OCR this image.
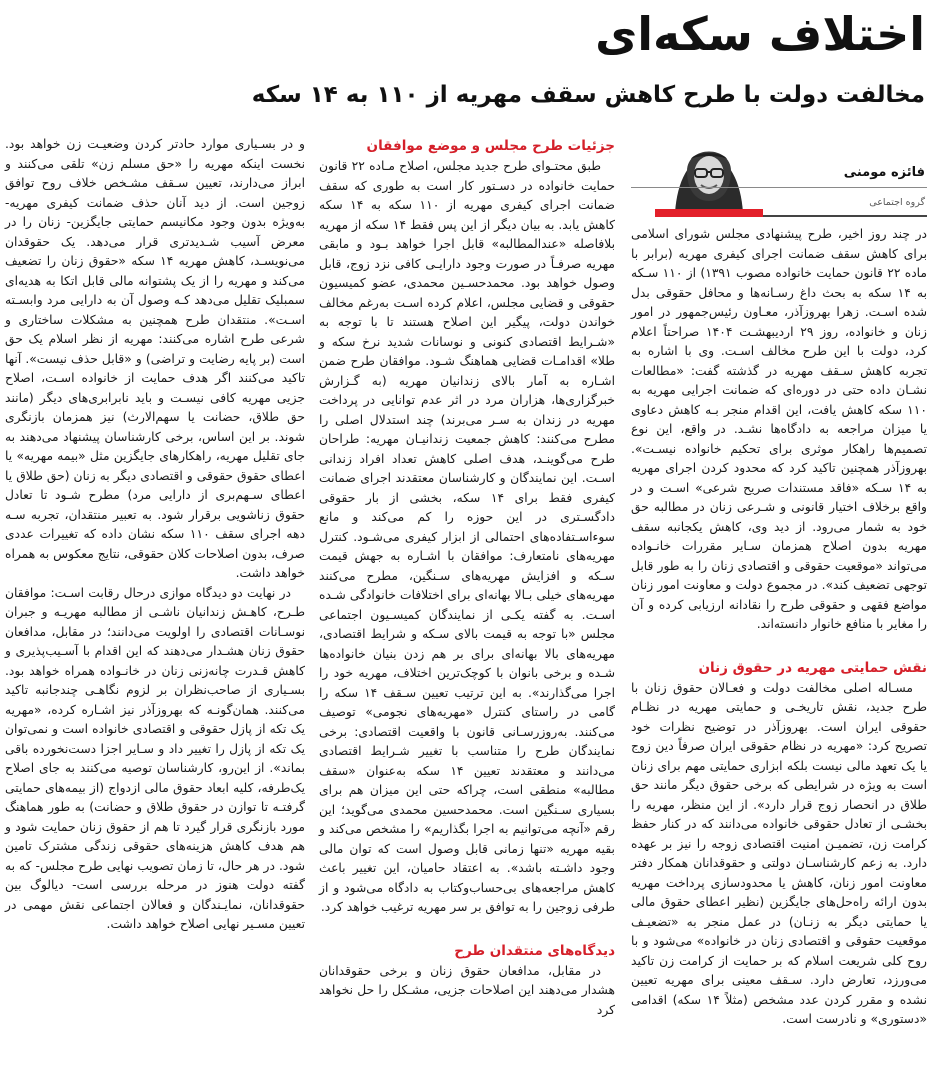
اختلاف سکه‌ای
مخالفت دولت با طرح کاهش سقف مهریه از ۱۱۰ به ۱۴ سکه
فائزه مومنی
گروه اجتماعی

در چند روز اخیر، طرح پیشنهادی مجلس شورای اسلامی برای کاهش سقف ضمانت اجرای کیفری مهریه (برابر با ماده ۲۲ قانون حمایت خانواده مصوب ۱۳۹۱) از ۱۱۰ سـکه به ۱۴ سکه به بحث داغ رسـانه‌ها و محافل حقوقی بدل شده اسـت. زهرا بهروزآذر، معـاون رئیس‌جمهور در امور زنان و خانواده، روز ۲۹ اردیبهشـت ۱۴۰۴ صراحتاً اعلام کرد، دولت با این طرح مخالف اسـت. وی با اشاره به تجربه کاهش سـقف مهریه در گذشته گفت: «مطالعات نشـان داده حتی در دوره‌ای که ضمانت اجرایی مهریه به ۱۱۰ سکه کاهش یافت، این اقدام منجر بـه کاهش دعاوی یا میزان مراجعه به دادگاه‌ها نشـد. در واقع، این نوع تصمیم‌ها راهکار موثری برای تحکیم خانواده نیسـت». بهروزآذر همچنین تاکید کرد که محدود کردن اجرای مهریه به ۱۴ سـکه «فاقد مستندات صریح شرعی» اسـت و در واقع برخلاف اختیار قانونی و شـرعی زنان در مطالبه حق خود به شمار می‌رود. از دید وی، کاهش یکجانبه سقف مهریه بدون اصلاح همزمان سـایر مقررات خانـواده می‌تواند «موقعیت حقوقی و اقتصادی زنان را به طور قابل توجهی تضعیف کند». در مجموع دولت و معاونت امور زنان مواضع فقهی و حقوقی طرح را نقادانه ارزیابی کرده و آن را مغایر با منافع خانوار دانسته‌اند.

نقش حمایتی مهریه در حقوق زنان

مسـاله اصلی مخالفت دولت و فعـالان حقوق زنان با طرح جدید، نقش تاریخـی و حمایتی مهریه در نظـام حقوقی ایران است. بهروزآذر در توضیح نظرات خود تصریح کرد: «مهریه در نظام حقوقی ایران صرفاً دین زوج یا یک تعهد مالی نیست بلکه ابزاری حمایتی مهم برای زنان است به ویژه در شرایطی که برخی حقوق دیگر مانند حق طلاق در انحصار زوج قرار دارد». از این منظر، مهریه را بخشـی از تعادل حقوقی خانواده می‌دانند که در کنار حفظ کرامت زن، تضمیـن امنیت اقتصادی زوجه را نیز بر عهده دارد. به زعم کارشناسـان دولتی و حقوقدانان همکار دفتر معاونت امور زنان، کاهش یا محدودسازی پرداخت مهریه بدون ارائه راه‌حل‌های جایگزین (نظیر اعطای حقوق مالی یا حمایتی دیگر به زنـان) در عمل منجر به «تضعیـف موقعیت حقوقی و اقتصادی زنان در خانواده» می‌شود و با روح کلی شریعت اسلام که بر حمایت از کرامت زن تاکید می‌ورزد، تعارض دارد. سـقف معینی برای مهریه تعیین نشده و مقرر کردن عدد مشخص (مثلاً ۱۴ سکه) اقدامی «دستوری» و نادرست است.

جزئیات طرح مجلس و موضع موافقان

طبق محتـوای طرح جدید مجلس، اصلاح مـاده ۲۲ قانون حمایت خانواده در دسـتور کار است به طوری که سقف ضمانت اجرای کیفری مهریه از ۱۱۰ سکه به ۱۴ سکه کاهش یابد. به بیان دیگر از این پس فقط ۱۴ سکه از مهریه بلافاصله «عندالمطالبه» قابل اجرا خواهد بـود و مابقی مهریه صرفـاً در صورت وجود دارایـی کافی نزد زوج، قابل وصول خواهد بود. محمدحسـین محمدی، عضو کمیسیون حقوقی و قضایی مجلس، اعلام کرده اسـت به‌رغم مخالف خواندن دولت، پیگیر این اصلاح هستند تا با توجه به «شـرایط اقتصادی کنونی و نوسانات شدید نرخ سکه و طلا» اقدامـات قضایی هماهنگ شـود. موافقان طرح ضمن اشـاره به آمار بالای زندانیان مهریه (به گـزارش خبرگزاری‌ها، هزاران مرد در اثر عدم توانایی در پرداخت مهریه در زندان به سـر می‌برند) چند استدلال اصلی را مطرح می‌کنند: کاهش جمعیت زندانیـان مهریه: طراحان طرح می‌گوینـد، هدف اصلی کاهش تعداد افراد زندانی اسـت. این نمایندگان و کارشناسان معتقدند اجرای ضمانت کیفری فقط برای ۱۴ سکه، بخشی از بار حقوقی دادگسـتری در این حوزه را کم می‌کند و مانع سوءاسـتفاده‌های احتمالی از ابزار کیفری می‌شـود. کنترل مهریه‌های نامتعارف: موافقان با اشـاره به جهش قیمت سـکه و افزایش مهریه‌های سـنگین، مطرح می‌کنند مهریه‌های خیلی بـالا بهانه‌ای برای اختلافات خانوادگی شـده اسـت. به گفته یکـی از نمایندگان کمیسـیون اجتماعی مجلس «با توجه به قیمت بالای سـکه و شرایط اقتصادی، مهریه‌های بالا بهانه‌ای برای بر هم زدن بنیان خانواده‌ها شـده و برخی بانوان با کوچک‌ترین اختلاف، مهریه خود را اجرا می‌گذارند». به این ترتیب تعیین سـقف ۱۴ سکه را گامی در راستای کنترل «مهریه‌های نجومی» توصیف می‌کنند. به‌روزرسـانی قانون با واقعیت اقتصادی: برخی نمایندگان طرح را متناسب با تغییر شـرایط اقتصادی می‌دانند و معتقدند تعیین ۱۴ سکه به‌عنوان «سقف مطالبه» منطقی است، چراکه حتی این میزان هم برای بسیاری سـنگین است. محمدحسین محمدی می‌گوید؛ این رقم «آنچه می‌توانیم به اجرا بگذاریم» را مشخص می‌کند و بقیه مهریه «تنها زمانی قابل وصول است که توان مالی وجود داشـته باشد». به اعتقاد حامیان، این تغییر باعث کاهش مراجعه‌های بی‌حساب‌وکتاب به دادگاه می‌شود و از طرفی زوجین را به توافق بر سر مهریه ترغیب خواهد کرد.

دیدگاه‌های منتقدان طرح

در مقابل، مدافعان حقوق زنان و برخی حقوقدانان هشدار می‌دهند این اصلاحات جزیی، مشـکل را حل نخواهد کرد

و در بسـیاری موارد حادتر کردن وضعیـت زن خواهد بود. نخست اینکه مهریه را «حق مسلم زن» تلقی می‌کنند و ابراز می‌دارند، تعیین سـقف مشـخص خلاف روح توافق زوجین است. از دید آنان حذف ضمانت کیفری مهریه- به‌ویژه بدون وجود مکانیسم حمایتی جایگزین- زنان را در معرض آسیب شـدیدتری قرار می‌دهد. یک حقوقدان می‌نویسـد، کاهش مهریه ۱۴ سکه «حقوق زنان را تضعیف می‌کند و مهریه را از یک پشتوانه مالی قابل اتکا به هدیه‌ای سمبلیک تقلیل می‌دهد کـه وصول آن به دارایی مرد وابسـته اسـت». منتقدان طرح همچنین به مشکلات ساختاری و شرعی طرح اشاره می‌کنند: مهریه از نظر اسلام یک حق است (بر پایه رضایت و تراضی) و «قابل حذف نیست». آنها تاکید می‌کنند اگر هدف حمایت از خانواده اسـت، اصلاح جزیی مهریه کافی نیسـت و باید نابرابری‌های دیگر (مانند حق طلاق، حضانت یا سهم‌الارث) نیز همزمان بازنگری شوند. بر این اساس، برخی کارشناسان پیشنهاد می‌دهند به جای تقلیل مهریه، راهکارهای جایگزین مثل «بیمه مهریه» یا اعطای حقوق حقوقی و اقتصادی دیگر به زنان (حق طلاق یا اعطای سـهم‌بری از دارایی مرد) مطرح شـود تا تعادل حقوق زناشویی برقرار شود. به تعبیر منتقدان، تجربه سـه دهه اجرای سقف ۱۱۰ سکه نشان داده که تغییرات عددی صرف، بدون اصلاحات کلان حقوقی، نتایج معکوس به همراه خواهد داشت.

در نهایت دو دیدگاه موازی درحال رقابت اسـت: موافقان طـرح، کاهـش زندانیان ناشـی از مطالبه مهریـه و جبران نوسـانات اقتصادی را اولویت می‌دانند؛ در مقابل، مدافعان حقوق زنان هشـدار می‌دهند که این اقدام با آسـیب‌پذیری و کاهش قـدرت چانه‌زنی زنان در خانـواده همراه خواهد بود. بسـیاری از صاحب‌نظران بر لزوم نگاهـی چندجانبه تاکید می‌کنند. همان‌گونـه که بهروزآذر نیز اشـاره کرده، «مهریه یک تکه از پازل حقوقی و اقتصادی خانواده است و نمی‌توان یک تکه از پازل را تغییر داد و سـایر اجزا دست‌نخورده باقی بماند». از این‌رو، کارشناسان توصیه می‌کنند به جای اصلاح یک‌طرفه، کلیه ابعاد حقوق مالی ازدواج (از بیمه‌های حمایتی گرفتـه تا توازن در حقوق طلاق و حضانت) به طور هماهنگ مورد بازنگری قرار گیرد تا هم از حقوق زنان حمایت شود و هم هدف کاهش هزینه‌های حقوقی زندگی مشترک تامین شود. در هر حال، تا زمان تصویب نهایی طرح مجلس- که به گفته دولت هنوز در مرحله بررسی است- دیالوگ بین حقوقدانان، نمایـندگان و فعالان اجتماعی نقش مهمی در تعیین مسـیر نهایی اصلاح خواهد داشت.
